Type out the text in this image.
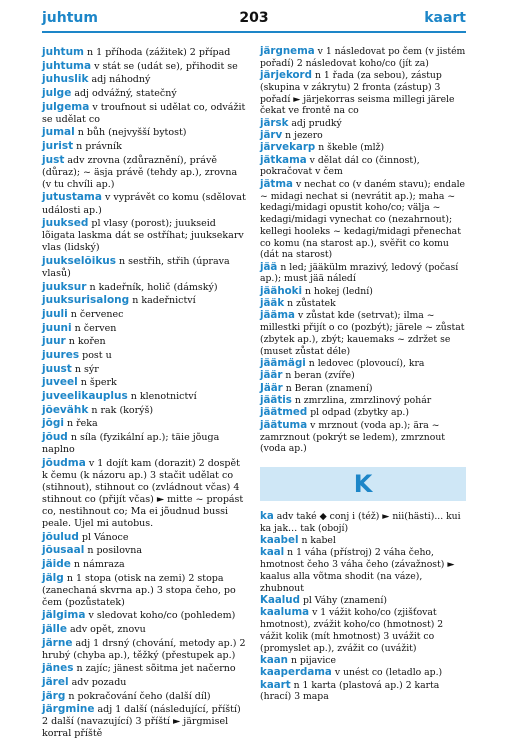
juhtum	203	kaart
juhtum n 1 příhoda (zážitek) 2 případ
juhtuma v stát se (udát se), přihodit se
juhuslik adj náhodný
julge adj odvážný, statečný
julgema v troufnout si udělat co, odvážit se udělat co
jumal n bůh (nejvyšší bytost)
jurist n právník
just adv zrovna (zdůraznění), právě (důraz); ~ äsja právě (tehdy ap.), zrovna (v tu chvíli ap.)
jutustama v vyprávět co komu (sdělovat události ap.)
juuksed pl vlasy (porost); juukseid lõigata laskma dát se ostříhat; juuksekarv vlas (lidský)
juukselõikus n sestřih, střih (úprava vlasů)
juuksur n kadeřník, holič (dámský)
juuksurisalong n kadeřnictví
juuli n červenec
juuni n červen
juur n kořen
juures post u
juust n sýr
juveel n šperk
juveelikauplus n klenotnictví
jõevähk n rak (korýš)
jõgi n řeka
jõud n síla (fyzikální ap.); täie jõuga naplno
jõudma v 1 dojít kam (dorazit) 2 dospět k čemu (k názoru ap.) 3 stačit udělat co (stihnout), stihnout co (zvládnout včas) 4 stihnout co (přijít včas) ► mitte ~ propást co, nestihnout co; Ma ei jõudnud bussi peale. Ujel mi autobus.
jõulud pl Vánoce
jõusaal n posilovna
jäide n námraza
jälg n 1 stopa (otisk na zemi) 2 stopa (zanechaná skvrna ap.) 3 stopa čeho, po čem (pozůstatek)
jälgima v sledovat koho/co (pohledem)
jälle adv opět, znovu
järne adj 1 drsný (chování, metody ap.) 2 hrubý (chyba ap.), těžký (přestupek ap.)
jänes n zajíc; jänest sõitma jet načerno
järel adv pozadu
järg n pokračování čeho (další díl)
järgmine adj 1 další (následující, příští) 2 další (navazující) 3 příští ► järgmisel korral příště
järgnema v 1 následovat po čem (v jistém pořadí) 2 následovat koho/co (jít za)
järjekord n 1 řada (za sebou), zástup (skupina v zákrytu) 2 fronta (zástup) 3 pořadí ► järjekorras seisma millegi järele čekat ve frontě na co
järsk adj prudký
järv n jezero
järvekarp n škeble (mlž)
jätkama v dělat dál co (činnost), pokračovat v čem
jätma v nechat co (v daném stavu); endale ~ midagi nechat si (nevrátit ap.); maha ~ kedagi/midagi opustit koho/co; välja ~ kedagi/midagi vynechat co (nezahrnout); kellegi hooleks ~ kedagi/midagi přenechat co komu (na starost ap.), svěřit co komu (dát na starost)
jää n led; jääkülm mrazivý, ledový (počasí ap.); must jää náledí
jäähoki n hokej (lední)
jääk n zůstatek
jääma v zůstat kde (setrvat); ilma ~ millestki přijít o co (pozbýt); järele ~ zůstat (zbytek ap.), zbýt; kauemaks ~ zdržet se (muset zůstat déle)
jäämägi n ledovec (plovoucí), kra
jäär n beran (zvíře)
Jäär n Beran (znamení)
jäätis n zmrzlina, zmrzlinový pohár
jäätmed pl odpad (zbytky ap.)
jäätuma v mrznout (voda ap.); ära ~ zamrznout (pokrýt se ledem), zmrznout (voda ap.)
K
ka adv také ◆ conj i (též) ► nii(hästi)... kui ka jak… tak (obojí)
kaabel n kabel
kaal n 1 váha (přístroj) 2 váha čeho, hmotnost čeho 3 váha čeho (závažnost) ► kaalus alla võtma shodit (na váze), zhubnout
Kaalud pl Váhy (znamení)
kaaluma v 1 vážit koho/co (zjišťovat hmotnost), zvážit koho/co (hmotnost) 2 vážit kolik (mít hmotnost) 3 uvážit co (promyslet ap.), zvážit co (uvážit)
kaan n pijavice
kaaperdama v unést co (letadlo ap.)
kaart n 1 karta (plastová ap.) 2 karta (hrací) 3 mapa
